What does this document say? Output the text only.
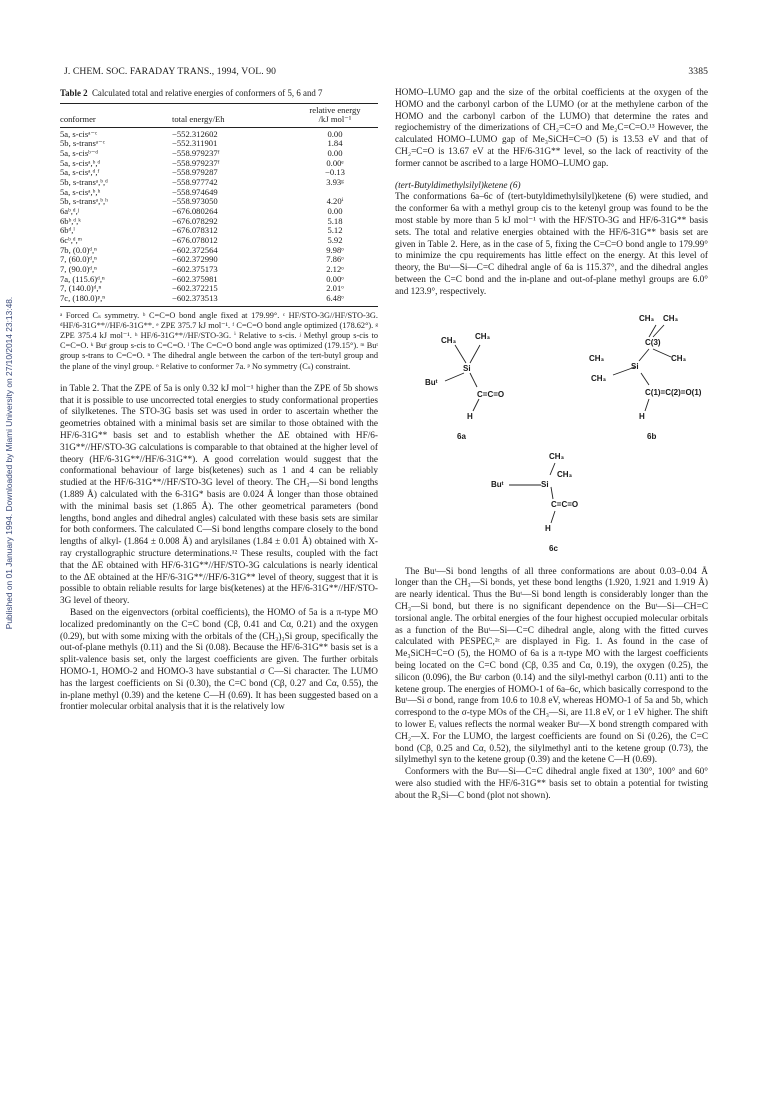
Published on 01 January 1994. Downloaded by Miami University on 27/10/2014 23:13:48.
J. CHEM. SOC. FARADAY TRANS., 1994, VOL. 90	3385
Table 2 Calculated total and relative energies of conformers of 5, 6 and 7
conformer	total energy/Eh	relative energy
/kJ mol⁻¹
5a, s-cisᵃ⁻ᶜ	−552.312602	0.00
5b, s-transᵃ⁻ᶜ	−552.311901	1.84
5a, s-cisᵇ⁻ᵈ	−558.979237ᶠ	0.00
5a, s-cisᵃ,ᵇ,ᵈ	−558.979237ᶠ	0.00ᵉ
5a, s-cisᵃ,ᵈ,ᶠ	−558.979287	−0.13
5b, s-transᵃ,ᵇ,ᵈ	−558.977742	3.93ᵍ
5a, s-cisᵃ,ᵇ,ʰ	−558.974649	
5b, s-transᵃ,ᵇ,ʰ	−558.973050	4.20ⁱ
6aᵇ,ᵈ,ʲ	−676.080264	0.00
6bᵇ,ᵈ,ᵏ	−676.078292	5.18
6bᵈ,ˡ	−676.078312	5.12
6cᵇ,ᵈ,ᵐ	−676.078012	5.92
7b, (0.0)ᵈ,ⁿ	−602.372564	9.98ᵒ
7, (60.0)ᵈ,ⁿ	−602.372990	7.86ᵒ
7, (90.0)ᵈ,ⁿ	−602.375173	2.12ᵒ
7a, (115.6)ᵈ,ⁿ	−602.375981	0.00ᵒ
7, (140.0)ᵈ,ⁿ	−602.372215	2.01ᵒ
7c, (180.0)ᵖ,ⁿ	−602.373513	6.48ᵒ
ᵃ Forced Cₛ symmetry. ᵇ C=C=O bond angle fixed at 179.99°. ᶜ HF/STO-3G//HF/STO-3G. ᵈHF/6-31G**//HF/6-31G**. ᵉ ZPE 375.7 kJ mol⁻¹. ᶠ C=C=O bond angle optimized (178.62°). ᵍ ZPE 375.4 kJ mol⁻¹. ʰ HF/6-31G**//HF/STO-3G. ⁱ Relative to s-cis. ʲ Methyl group s-cis to C=C=O. ᵏ Buᵗ group s-cis to C=C=O. ˡ The C=C=O bond angle was optimized (179.15°). ᵐ Buᵗ group s-trans to C=C=O. ⁿ The dihedral angle between the carbon of the tert-butyl group and the plane of the vinyl group. ᵒ Relative to conformer 7a. ᵖ No symmetry (Cₛ) constraint.

in Table 2. That the ZPE of 5a is only 0.32 kJ mol⁻¹ higher than the ZPE of 5b shows that it is possible to use uncorrected total energies to study conformational properties of silylketenes. The STO-3G basis set was used in order to ascertain whether the geometries obtained with a minimal basis set are similar to those obtained with the HF/6-31G** basis set and to establish whether the ΔE obtained with HF/6-31G**//HF/STO-3G calculations is comparable to that obtained at the higher level of theory (HF/6-31G**//HF/6-31G**). A good correlation would suggest that the conformational behaviour of large bis(ketenes) such as 1 and 4 can be reliably studied at the HF/6-31G**//HF/STO-3G level of theory. The CH₃—Si bond lengths (1.889 Å) calculated with the 6-31G* basis are 0.024 Å longer than those obtained with the minimal basis set (1.865 Å). The other geometrical parameters (bond lengths, bond angles and dihedral angles) calculated with these basis sets are similar for both conformers. The calculated C—Si bond lengths compare closely to the bond lengths of alkyl- (1.864 ± 0.008 Å) and arylsilanes (1.84 ± 0.01 Å) obtained with X-ray crystallographic structure determinations.¹² These results, coupled with the fact that the ΔE obtained with HF/6-31G**//HF/STO-3G calculations is nearly identical to the ΔE obtained at the HF/6-31G**//HF/6-31G** level of theory, suggest that it is possible to obtain reliable results for large bis(ketenes) at the HF/6-31G**//HF/STO-3G level of theory.

Based on the eigenvectors (orbital coefficients), the HOMO of 5a is a π-type MO localized predominantly on the C=C bond (Cβ, 0.41 and Cα, 0.21) and the oxygen (0.29), but with some mixing with the orbitals of the (CH₃)₃Si group, specifically the out-of-plane methyls (0.11) and the Si (0.08). Because the HF/6-31G** basis set is a split-valence basis set, only the largest coefficients are given. The further orbitals HOMO-1, HOMO-2 and HOMO-3 have substantial σ C—Si character. The LUMO has the largest coefficients on Si (0.30), the C=C bond (Cβ, 0.27 and Cα, 0.55), the in-plane methyl (0.39) and the ketene C—H (0.69). It has been suggested based on a frontier molecular orbital analysis that it is the relatively low

HOMO–LUMO gap and the size of the orbital coefficients at the oxygen of the HOMO and the carbonyl carbon of the LUMO (or at the methylene carbon of the HOMO and the carbonyl carbon of the LUMO) that determine the rates and regiochemistry of the dimerizations of CH₂=C=O and Me₂C=C=O.¹³ However, the calculated HOMO–LUMO gap of Me₃SiCH=C=O (5) is 13.53 eV and that of CH₂=C=O is 13.67 eV at the HF/6-31G** level, so the lack of reactivity of the former cannot be ascribed to a large HOMO–LUMO gap.

(tert-Butyldimethylsilyl)ketene (6)

The conformations 6a–6c of (tert-butyldimethylsilyl)ketene (6) were studied, and the conformer 6a with a methyl group cis to the ketenyl group was found to be the most stable by more than 5 kJ mol⁻¹ with the HF/STO-3G and HF/6-31G** basis sets. The total and relative energies obtained with the HF/6-31G** basis set are given in Table 2. Here, as in the case of 5, fixing the C=C=O bond angle to 179.99° to minimize the cpu requirements has little effect on the energy. At this level of theory, the Buᵗ—Si—C=C dihedral angle of 6a is 115.37°, and the dihedral angles between the C=C bond and the in-plane and out-of-plane methyl groups are 6.0° and 123.9°, respectively.

CH₃ CH₃
Si
Buᵗ
C=C=O
H
CH₃ CH₃
C(3)
CH₃
Si
CH₃
CH₃
C(1)=C(2)=O(1)
H
6a	6b
CH₃
CH₃
Buᵗ	Si
C=C=O
H
6c

The Buᵗ—Si bond lengths of all three conformations are about 0.03–0.04 Å longer than the CH₃—Si bonds, yet these bond lengths (1.920, 1.921 and 1.919 Å) are nearly identical. Thus the Buᵗ—Si bond length is considerably longer than the CH₃—Si bond, but there is no significant dependence on the Buᵗ—Si—CH=C torsional angle. The orbital energies of the four highest occupied molecular orbitals as a function of the Buᵗ—Si—C=C dihedral angle, along with the fitted curves calculated with PESPEC,²ᶜ are displayed in Fig. 1. As found in the case of Me₃SiCH=C=O (5), the HOMO of 6a is a π-type MO with the largest coefficients being located on the C=C bond (Cβ, 0.35 and Cα, 0.19), the oxygen (0.25), the silicon (0.096), the Buᵗ carbon (0.14) and the silyl-methyl carbon (0.11) anti to the ketene group. The energies of HOMO-1 of 6a–6c, which basically correspond to the Buᵗ—Si σ bond, range from 10.6 to 10.8 eV, whereas HOMO-1 of 5a and 5b, which correspond to the σ-type MOs of the CH₃—Si, are 11.8 eV, or 1 eV higher. The shift to lower Eᵢ values reflects the normal weaker Buᵗ—X bond strength compared with CH₂—X. For the LUMO, the largest coefficients are found on Si (0.26), the C=C bond (Cβ, 0.25 and Cα, 0.52), the silylmethyl anti to the ketene group (0.73), the silylmethyl syn to the ketene group (0.39) and the ketene C—H (0.69).

Conformers with the Buᵗ—Si—C=C dihedral angle fixed at 130°, 100° and 60° were also studied with the HF/6-31G** basis set to obtain a potential for twisting about the R₃Si—C bond (plot not shown).
